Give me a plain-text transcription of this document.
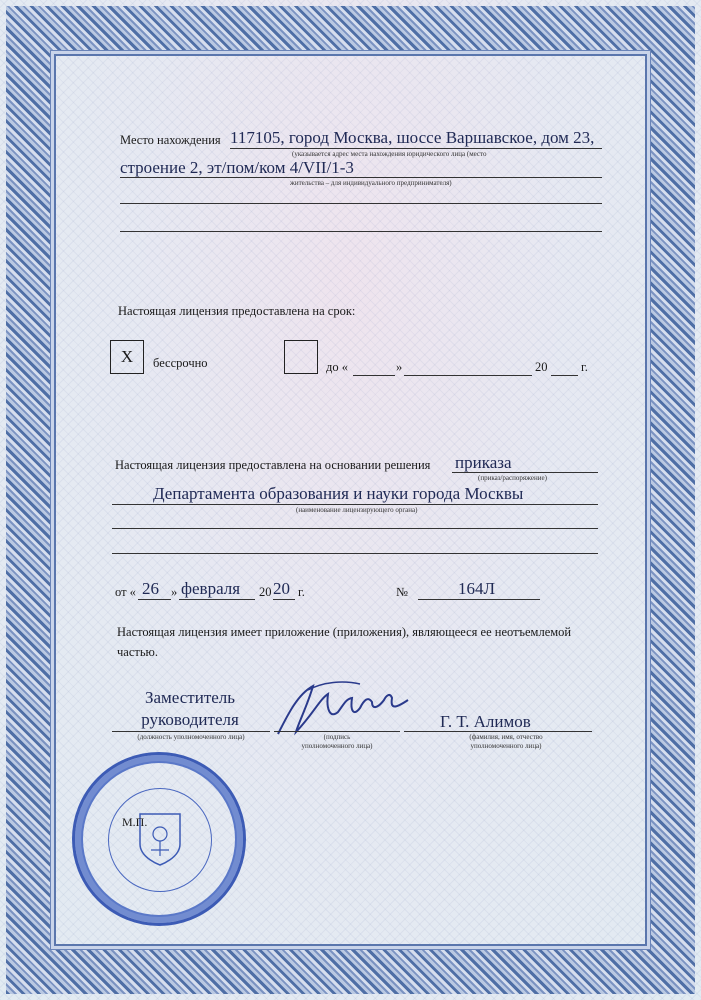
Место нахождения 117105, город Москва, шоссе Варшавское, дом 23,
(указывается адрес места нахождения юридического лица (место
строение 2, эт/пом/ком 4/VII/1-3
жительства – для индивидуального предпринимателя)
Настоящая лицензия предоставлена на срок:
X бессрочно	до «	»	20	г.
Настоящая лицензия предоставлена на основании решения приказа
(приказ/распоряжение)
Департамента образования и науки города Москвы
(наименование лицензирующего органа)
от « 26 » февраля 20 20 г.	№	164Л
Настоящая лицензия имеет приложение (приложения), являющееся ее неотъемлемой
частью.
Заместитель
руководителя
(должность уполномоченного лица)	(подпись
уполномоченного лица)
Г. Т. Алимов
(фамилия, имя, отчество
уполномоченного лица)
М.П.
